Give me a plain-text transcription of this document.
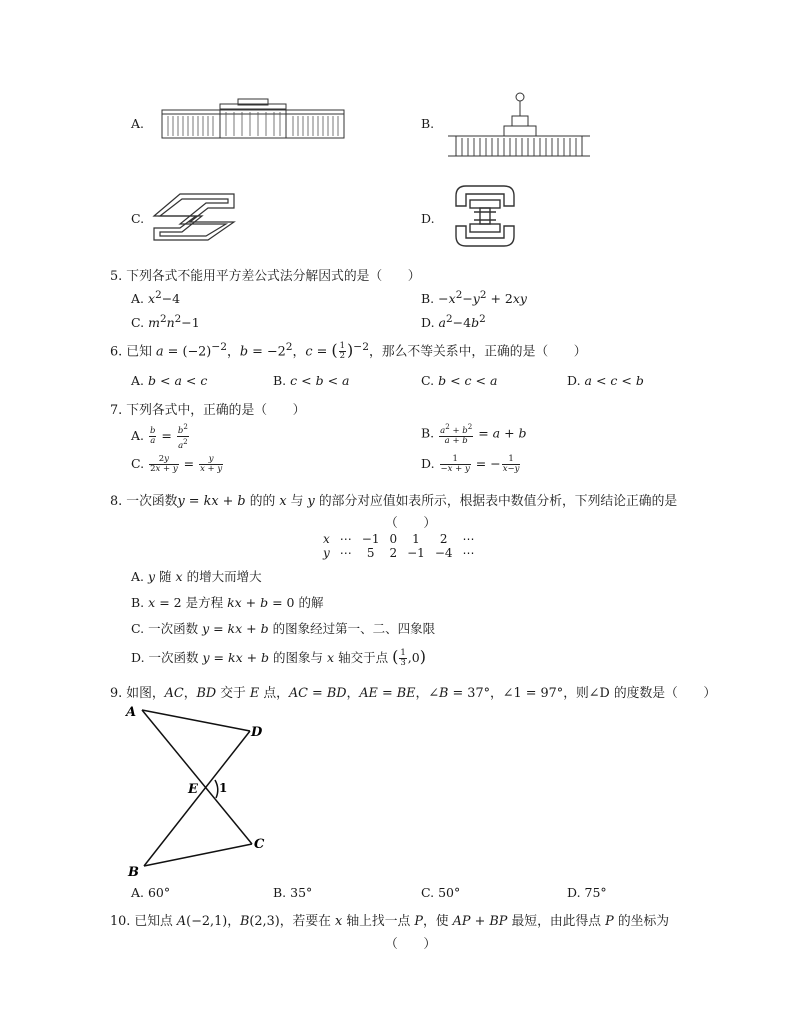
A.	B.
C.	D.
5. 下列各式不能用平方差公式法分解因式的是（　　）
A. $x^2-4$	B. $-x^2-y^2 + 2xy$
C. $m^2n^2-1$	D. $a^2-4b^2$
6. 已知 $a = (-2)^{-2}$，$b = -2^2$，c = ( $\frac{1}{2} )^{-2}$，那么不等关系中，正确的是（　　）
A. b < a < c	B. c < b < a	C. b < c < a	D. a < c < b
7. 下列各式中，正确的是（　　）
A. $\frac{b}{a} = \frac{b^2}{a^2}$	B. $\frac{a^2 + b^2}{a + b} = a + b$
C. $\frac{2y}{2x + y} = \frac{y}{x + y}$	D. $\frac{1}{-x + y}$ = − $\frac{1}{x-y}$
8. 一次函数y = kx + b 的的 x 与 y 的部分对应值如表所示，根据表中数值分析，下列结论正确的是
（　　）
x	⋯	−1	0	1	2	⋯
y	⋯	5	2	−1	−4	⋯
A. y 随 x 的增大而增大
B. x = 2 是方程 kx + b = 0 的解
C. 一次函数 y = kx + b 的图象经过第一、二、四象限
D. 一次函数 y = kx + b 的图象与 x 轴交于点 ( $\frac{1}{3} ,0$)
9. 如图，AC，BD 交于 E 点，AC = BD，AE = BE，∠B = 37°，∠1 = 97°，则∠D 的度数是（　　）
A
D
E 1
C
B
A. 60°	B. 35°	C. 50°	D. 75°
10. 已知点 A(−2,1)，B(2,3)，若要在 x 轴上找一点 P，使 AP + BP 最短，由此得点 P 的坐标为
（　　）
